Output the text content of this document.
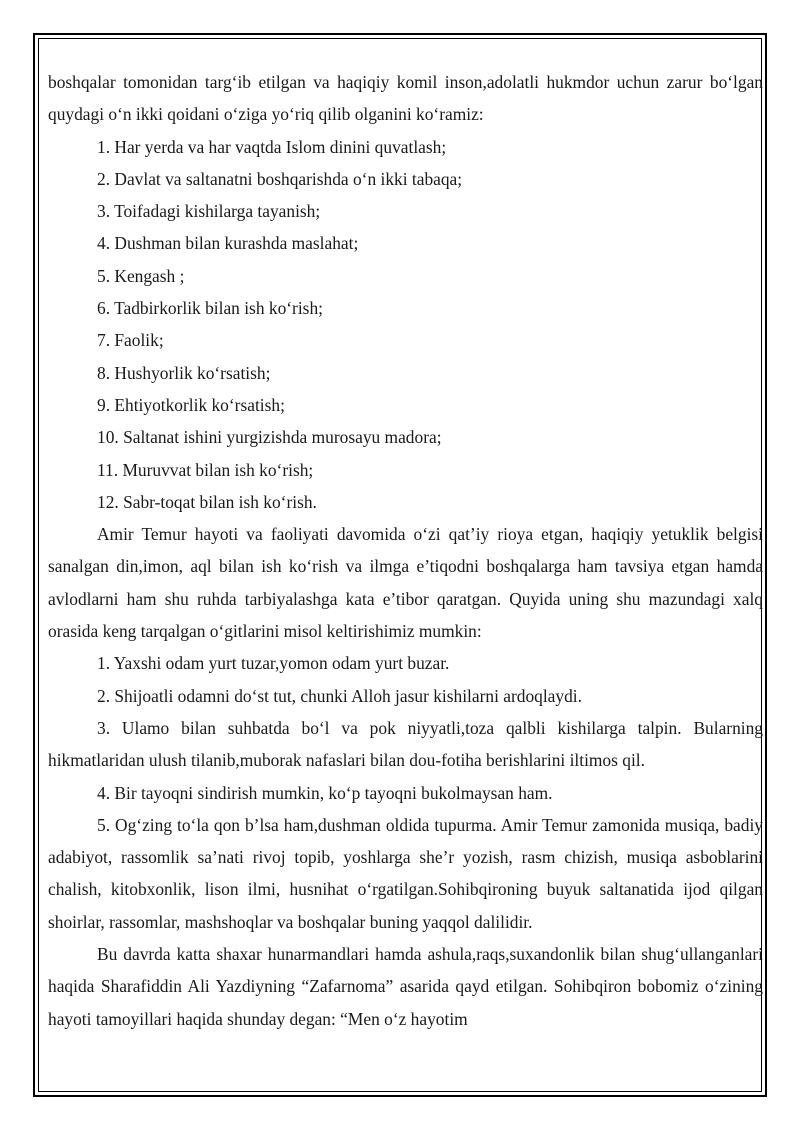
boshqalar tomonidan targ‘ib etilgan va haqiqiy komil inson,adolatli hukmdor uchun zarur bo‘lgan quydagi o‘n ikki qoidani o‘ziga yo‘riq qilib olganini ko‘ramiz:

1. Har yerda va har vaqtda Islom dinini quvatlash;

2. Davlat va saltanatni boshqarishda o‘n ikki tabaqa;

3. Toifadagi kishilarga tayanish;

4. Dushman bilan kurashda maslahat;

5. Kengash ;

6. Tadbirkorlik bilan ish ko‘rish;

7. Faolik;

8. Hushyorlik ko‘rsatish;

9. Ehtiyotkorlik ko‘rsatish;

10. Saltanat ishini yurgizishda murosayu madora;

11. Muruvvat bilan ish ko‘rish;

12. Sabr-toqat bilan ish ko‘rish.

Amir Temur hayoti va faoliyati davomida o‘zi qat’iy rioya etgan, haqiqiy yetuklik belgisi sanalgan din,imon, aql bilan ish ko‘rish va ilmga e’tiqodni boshqalarga ham tavsiya etgan hamda avlodlarni ham shu ruhda tarbiyalashga kata e’tibor qaratgan. Quyida uning shu mazundagi xalq orasida keng tarqalgan o‘gitlarini misol keltirishimiz mumkin:

1. Yaxshi odam yurt tuzar,yomon odam yurt buzar.

2. Shijoatli odamni do‘st tut, chunki Alloh jasur kishilarni ardoqlaydi.

3. Ulamo bilan suhbatda bo‘l va pok niyyatli,toza qalbli kishilarga talpin. Bularning hikmatlaridan ulush tilanib,muborak nafaslari bilan dou-fotiha berishlarini iltimos qil.

4. Bir tayoqni sindirish mumkin, ko‘p tayoqni bukolmaysan ham.

5. Og‘zing to‘la qon b’lsa ham,dushman oldida tupurma. Amir Temur zamonida musiqa, badiy adabiyot, rassomlik sa’nati rivoj topib, yoshlarga she’r yozish, rasm chizish, musiqa asboblarini chalish, kitobxonlik, lison ilmi, husnihat o‘rgatilgan.Sohibqironing buyuk saltanatida ijod qilgan shoirlar, rassomlar, mashshoqlar va boshqalar buning yaqqol dalilidir.

Bu davrda katta shaxar hunarmandlari hamda ashula,raqs,suxandonlik bilan shug‘ullanganlari haqida Sharafiddin Ali Yazdiyning “Zafarnoma” asarida qayd etilgan. Sohibqiron bobomiz o‘zining hayoti tamoyillari haqida shunday degan: “Men o‘z hayotim
